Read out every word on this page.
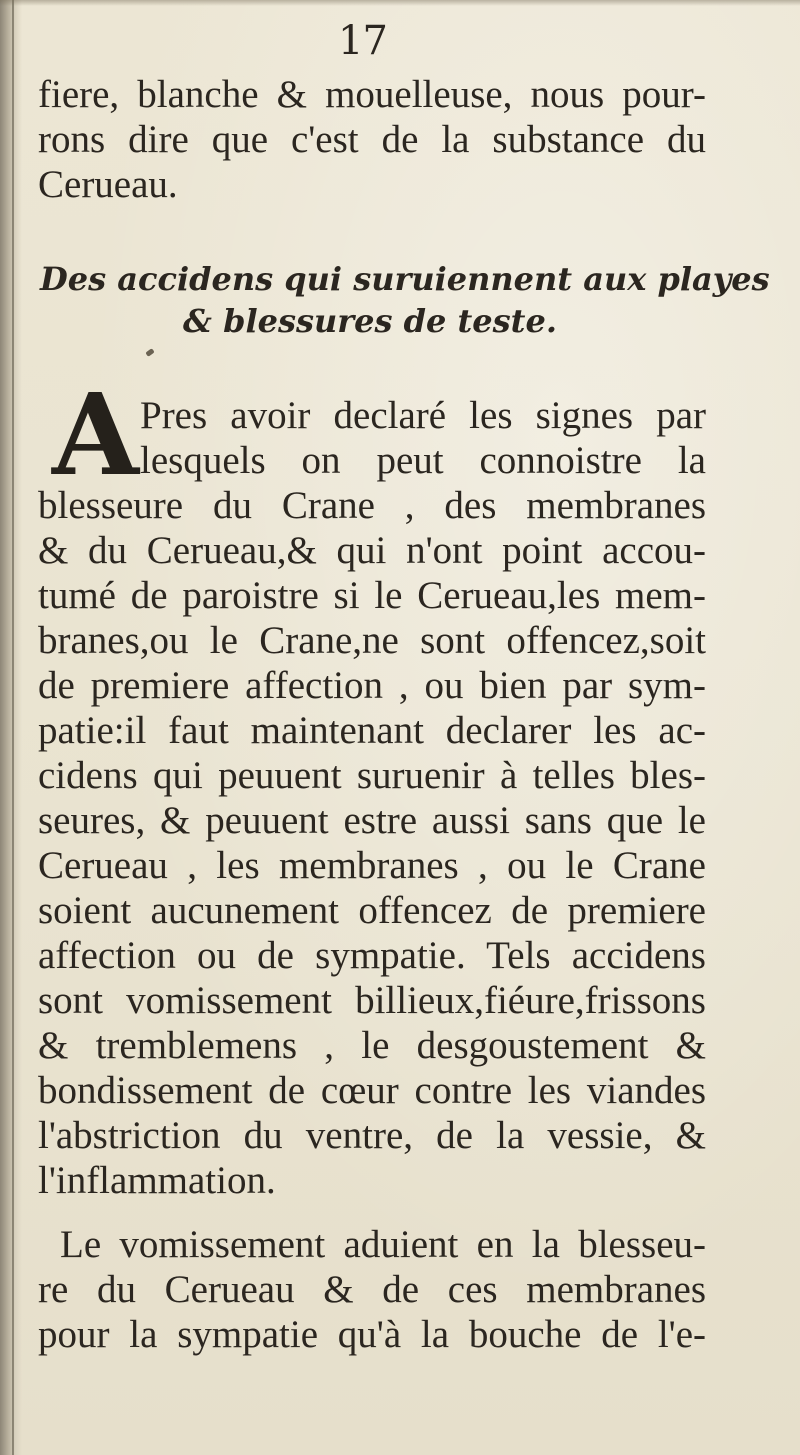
17
fiere, blanche & mouelleuse, nous pour-
rons dire que c'est de la substance du
Cerueau.
Des accidens qui suruiennent aux playes
& blessures de teste.
A Pres avoir declaré les signes par
lesquels on peut connoistre la
blesseure du Crane , des membranes
& du Cerueau,& qui n'ont point accou-
tumé de paroistre si le Cerueau,les mem-
branes,ou le Crane,ne sont offencez,soit
de premiere affection , ou bien par sym-
patie:il faut maintenant declarer les ac-
cidens qui peuuent suruenir à telles bles-
seures, & peuuent estre aussi sans que le
Cerueau , les membranes , ou le Crane
soient aucunement offencez de premiere
affection ou de sympatie. Tels accidens
sont vomissement billieux,fiéure,frissons
& tremblemens , le desgoustement &
bondissement de cœur contre les viandes
l'abstriction du ventre, de la vessie, &
l'inflammation.
Le vomissement aduient en la blesseu-
re du Cerueau & de ces membranes
pour la sympatie qu'à la bouche de l'e-
